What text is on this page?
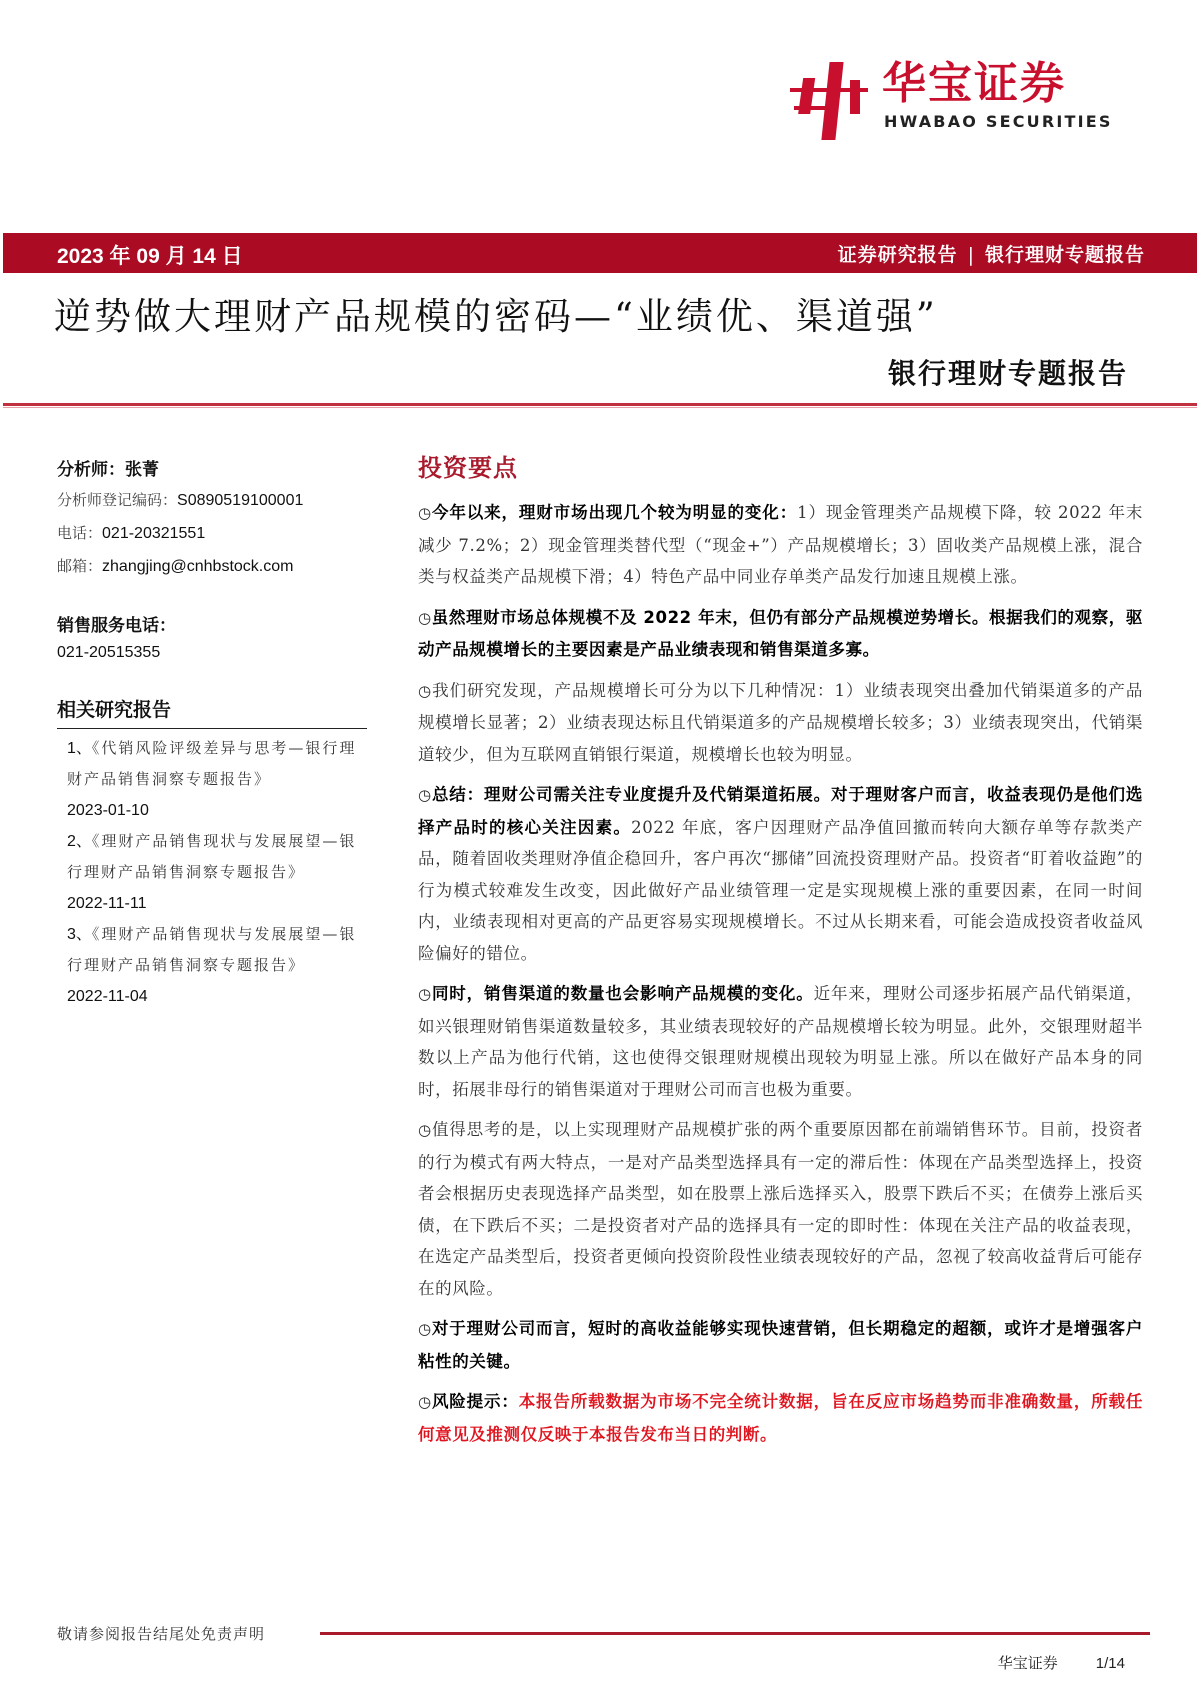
华宝证券
HWABAO SECURITIES
2023 年 09 月 14 日	证券研究报告 | 银行理财专题报告
逆势做大理财产品规模的密码—“业绩优、渠道强”
银行理财专题报告
分析师：张菁
分析师登记编码：S0890519100001
电话：021-20321551
邮箱：zhangjing@cnhbstock.com
销售服务电话：
021-20515355
相关研究报告
1、《代销风险评级差异与思考—银行理财产品销售洞察专题报告》
2023-01-10
2、《理财产品销售现状与发展展望—银行理财产品销售洞察专题报告》
2022-11-11
3、《理财产品销售现状与发展展望—银行理财产品销售洞察专题报告》
2022-11-04
投资要点

◷今年以来，理财市场出现几个较为明显的变化：1）现金管理类产品规模下降，较 2022 年末减少 7.2%；2）现金管理类替代型（“现金+”）产品规模增长；3）固收类产品规模上涨，混合类与权益类产品规模下滑；4）特色产品中同业存单类产品发行加速且规模上涨。

◷虽然理财市场总体规模不及 2022 年末，但仍有部分产品规模逆势增长。根据我们的观察，驱动产品规模增长的主要因素是产品业绩表现和销售渠道多寡。

◷我们研究发现，产品规模增长可分为以下几种情况：1）业绩表现突出叠加代销渠道多的产品规模增长显著；2）业绩表现达标且代销渠道多的产品规模增长较多；3）业绩表现突出，代销渠道较少，但为互联网直销银行渠道，规模增长也较为明显。

◷总结：理财公司需关注专业度提升及代销渠道拓展。对于理财客户而言，收益表现仍是他们选择产品时的核心关注因素。2022 年底，客户因理财产品净值回撤而转向大额存单等存款类产品，随着固收类理财净值企稳回升，客户再次“挪储”回流投资理财产品。投资者“盯着收益跑”的行为模式较难发生改变，因此做好产品业绩管理一定是实现规模上涨的重要因素，在同一时间内，业绩表现相对更高的产品更容易实现规模增长。不过从长期来看，可能会造成投资者收益风险偏好的错位。

◷同时，销售渠道的数量也会影响产品规模的变化。近年来，理财公司逐步拓展产品代销渠道，如兴银理财销售渠道数量较多，其业绩表现较好的产品规模增长较为明显。此外，交银理财超半数以上产品为他行代销，这也使得交银理财规模出现较为明显上涨。所以在做好产品本身的同时，拓展非母行的销售渠道对于理财公司而言也极为重要。

◷值得思考的是，以上实现理财产品规模扩张的两个重要原因都在前端销售环节。目前，投资者的行为模式有两大特点，一是对产品类型选择具有一定的滞后性：体现在产品类型选择上，投资者会根据历史表现选择产品类型，如在股票上涨后选择买入，股票下跌后不买；在债券上涨后买债，在下跌后不买；二是投资者对产品的选择具有一定的即时性：体现在关注产品的收益表现，在选定产品类型后，投资者更倾向投资阶段性业绩表现较好的产品，忽视了较高收益背后可能存在的风险。

◷对于理财公司而言，短时的高收益能够实现快速营销，但长期稳定的超额，或许才是增强客户粘性的关键。

◷风险提示：本报告所载数据为市场不完全统计数据，旨在反应市场趋势而非准确数量，所载任何意见及推测仅反映于本报告发布当日的判断。

敬请参阅报告结尾处免责声明
华宝证券	1/14
